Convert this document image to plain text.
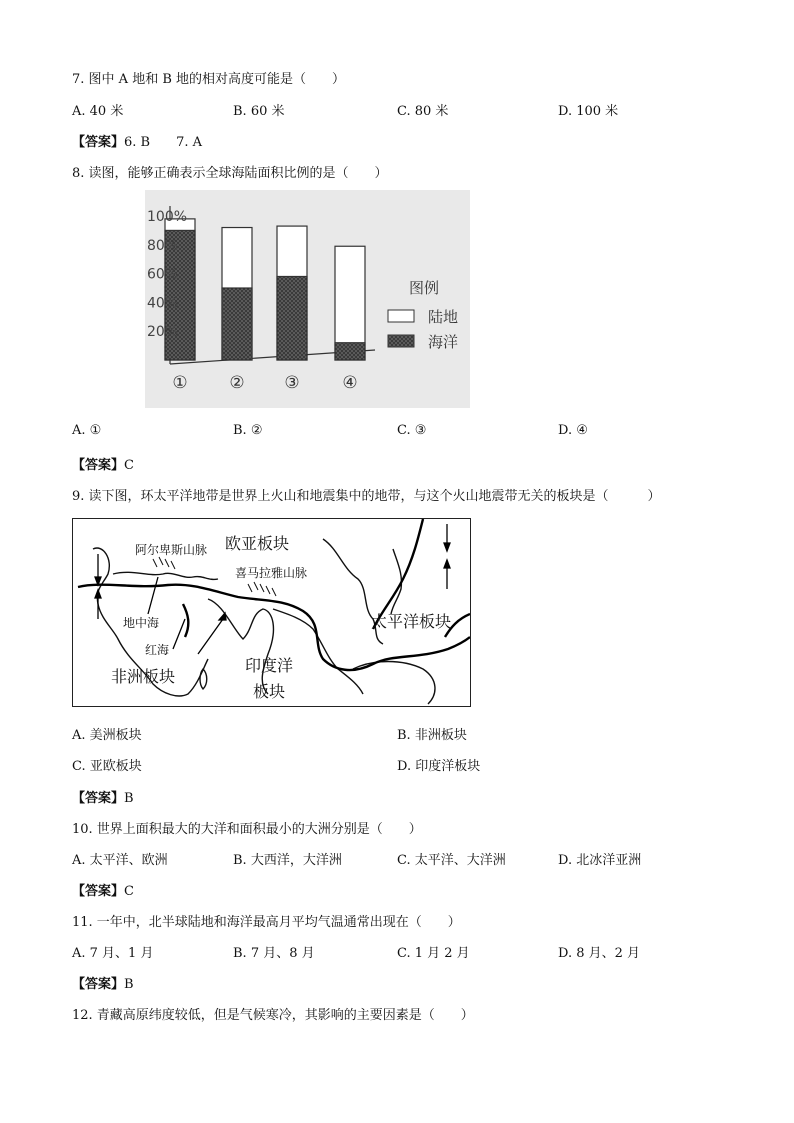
7. 图中 A 地和 B 地的相对高度可能是（　　）
A. 40 米	B. 60 米	C. 80 米	D. 100 米
【答案】6. B　　7. A
8. 读图，能够正确表示全球海陆面积比例的是（　　）
20%
40%
60%
80%
100%
① ② ③	④
图例
陆地
海洋
A. ①	B. ②	C. ③	D. ④
【答案】C
9. 读下图，环太平洋地带是世界上火山和地震集中的地带，与这个火山地震带无关的板块是（　　　）
欧亚板块
阿尔卑斯山脉
喜马拉雅山脉
地中海
红海
太平洋板块
非洲板块
印度洋
板块
A. 美洲板块	B. 非洲板块
C. 亚欧板块	D. 印度洋板块
【答案】B
10. 世界上面积最大的大洋和面积最小的大洲分别是（　　）
A. 太平洋、欧洲	B. 大西洋，大洋洲	C. 太平洋、大洋洲	D. 北冰洋亚洲
【答案】C
11. 一年中，北半球陆地和海洋最高月平均气温通常出现在（　　）
A. 7 月、1 月	B. 7 月、8 月	C. 1 月 2 月	D. 8 月、2 月
【答案】B
12. 青藏高原纬度较低，但是气候寒冷，其影响的主要因素是（　　）
